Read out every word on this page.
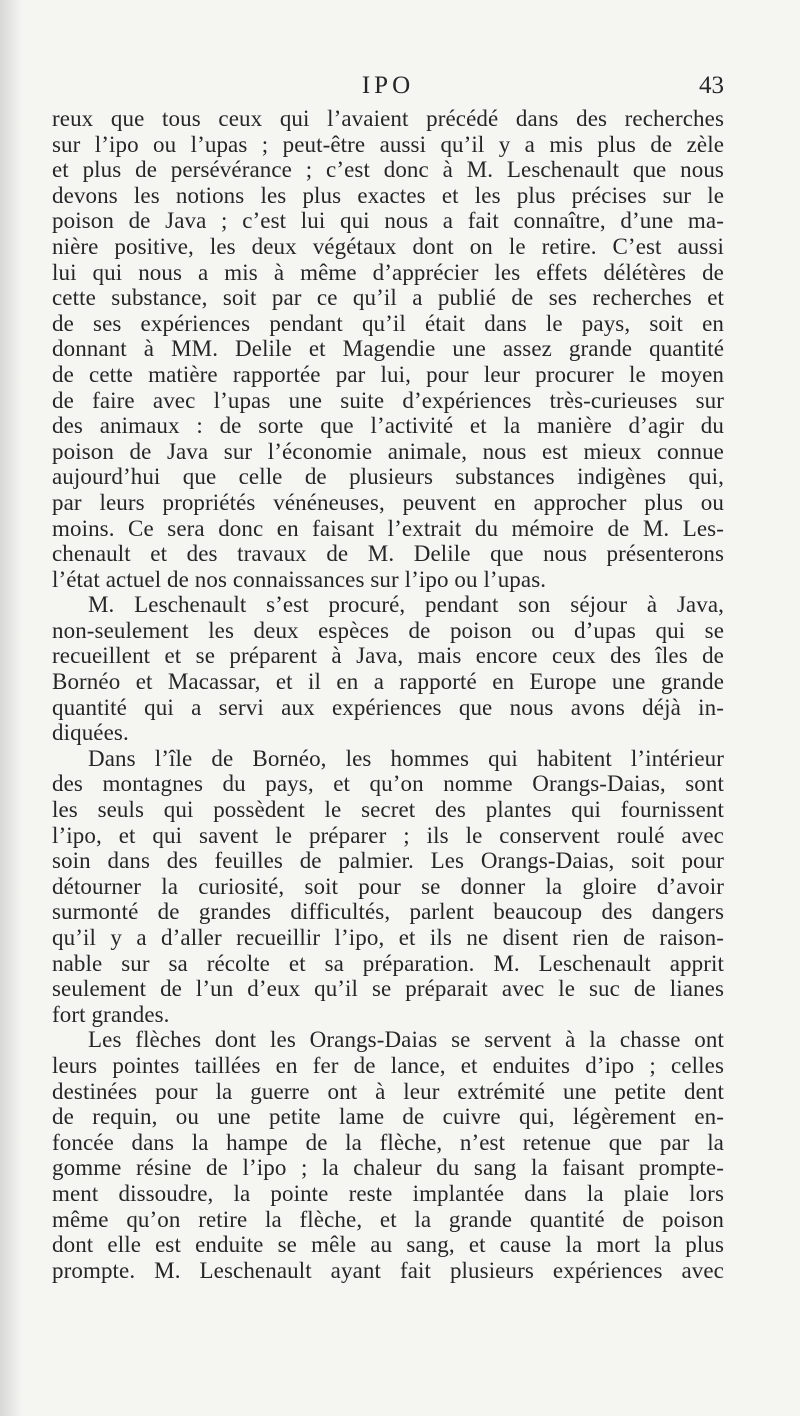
IPO	43
reux que tous ceux qui l’avaient précédé dans des recherches
sur l’ipo ou l’upas ; peut-être aussi qu’il y a mis plus de zèle
et plus de persévérance ; c’est donc à M. Leschenault que nous
devons les notions les plus exactes et les plus précises sur le
poison de Java ; c’est lui qui nous a fait connaître, d’une ma-
nière positive, les deux végétaux dont on le retire. C’est aussi
lui qui nous a mis à même d’apprécier les effets délétères de
cette substance, soit par ce qu’il a publié de ses recherches et
de ses expériences pendant qu’il était dans le pays, soit en
donnant à MM. Delile et Magendie une assez grande quantité
de cette matière rapportée par lui, pour leur procurer le moyen
de faire avec l’upas une suite d’expériences très-curieuses sur
des animaux : de sorte que l’activité et la manière d’agir du
poison de Java sur l’économie animale, nous est mieux connue
aujourd’hui que celle de plusieurs substances indigènes qui,
par leurs propriétés vénéneuses, peuvent en approcher plus ou
moins. Ce sera donc en faisant l’extrait du mémoire de M. Les-
chenault et des travaux de M. Delile que nous présenterons
l’état actuel de nos connaissances sur l’ipo ou l’upas.
M. Leschenault s’est procuré, pendant son séjour à Java,
non-seulement les deux espèces de poison ou d’upas qui se
recueillent et se préparent à Java, mais encore ceux des îles de
Bornéo et Macassar, et il en a rapporté en Europe une grande
quantité qui a servi aux expériences que nous avons déjà in-
diquées.
Dans l’île de Bornéo, les hommes qui habitent l’intérieur
des montagnes du pays, et qu’on nomme Orangs-Daias, sont
les seuls qui possèdent le secret des plantes qui fournissent
l’ipo, et qui savent le préparer ; ils le conservent roulé avec
soin dans des feuilles de palmier. Les Orangs-Daias, soit pour
détourner la curiosité, soit pour se donner la gloire d’avoir
surmonté de grandes difficultés, parlent beaucoup des dangers
qu’il y a d’aller recueillir l’ipo, et ils ne disent rien de raison-
nable sur sa récolte et sa préparation. M. Leschenault apprit
seulement de l’un d’eux qu’il se préparait avec le suc de lianes
fort grandes.
Les flèches dont les Orangs-Daias se servent à la chasse ont
leurs pointes taillées en fer de lance, et enduites d’ipo ; celles
destinées pour la guerre ont à leur extrémité une petite dent
de requin, ou une petite lame de cuivre qui, légèrement en-
foncée dans la hampe de la flèche, n’est retenue que par la
gomme résine de l’ipo ; la chaleur du sang la faisant prompte-
ment dissoudre, la pointe reste implantée dans la plaie lors
même qu’on retire la flèche, et la grande quantité de poison
dont elle est enduite se mêle au sang, et cause la mort la plus
prompte. M. Leschenault ayant fait plusieurs expériences avec
